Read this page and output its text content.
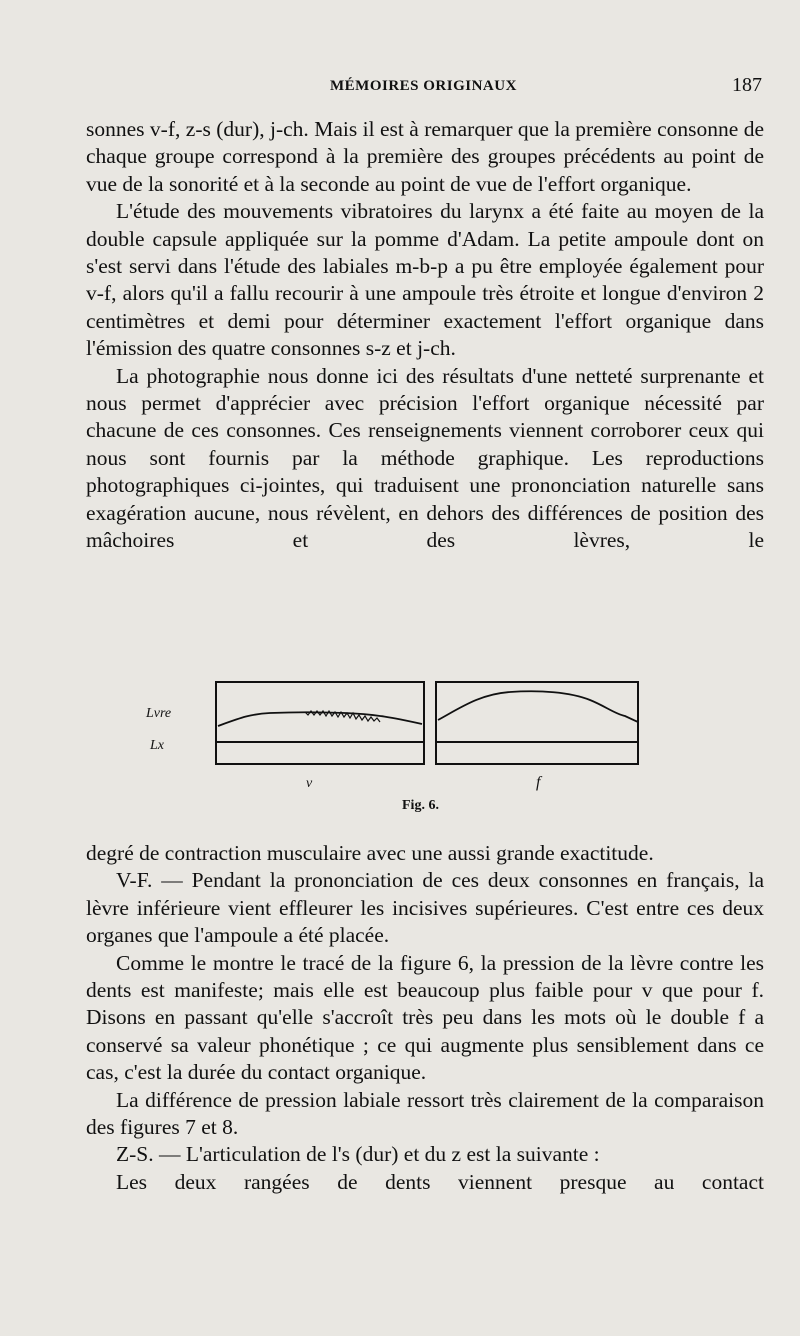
MÉMOIRES ORIGINAUX	187

sonnes v-f, z-s (dur), j-ch. Mais il est à remarquer que la première consonne de chaque groupe correspond à la première des groupes précédents au point de vue de la sonorité et à la seconde au point de vue de l'effort organique.

L'étude des mouvements vibratoires du larynx a été faite au moyen de la double capsule appliquée sur la pomme d'Adam. La petite ampoule dont on s'est servi dans l'étude des labiales m-b-p a pu être employée également pour v-f, alors qu'il a fallu recourir à une ampoule très étroite et longue d'environ 2 centimètres et demi pour déterminer exactement l'effort organique dans l'émission des quatre consonnes s-z et j-ch.

La photographie nous donne ici des résultats d'une netteté surprenante et nous permet d'apprécier avec précision l'effort organique nécessité par chacune de ces consonnes. Ces renseignements viennent corroborer ceux qui nous sont fournis par la méthode graphique. Les reproductions photographiques ci-jointes, qui traduisent une prononciation naturelle sans exagération aucune, nous révèlent, en dehors des différences de position des mâchoires et des lèvres, le

Lvre
Lx
v	f
Fig. 6.

degré de contraction musculaire avec une aussi grande exactitude.

V-F. — Pendant la prononciation de ces deux consonnes en français, la lèvre inférieure vient effleurer les incisives supérieures. C'est entre ces deux organes que l'ampoule a été placée.

Comme le montre le tracé de la figure 6, la pression de la lèvre contre les dents est manifeste; mais elle est beaucoup plus faible pour v que pour f. Disons en passant qu'elle s'accroît très peu dans les mots où le double f a conservé sa valeur phonétique ; ce qui augmente plus sensiblement dans ce cas, c'est la durée du contact organique.

La différence de pression labiale ressort très clairement de la comparaison des figures 7 et 8.

Z-S. — L'articulation de l's (dur) et du z est la suivante :

Les deux rangées de dents viennent presque au contact
